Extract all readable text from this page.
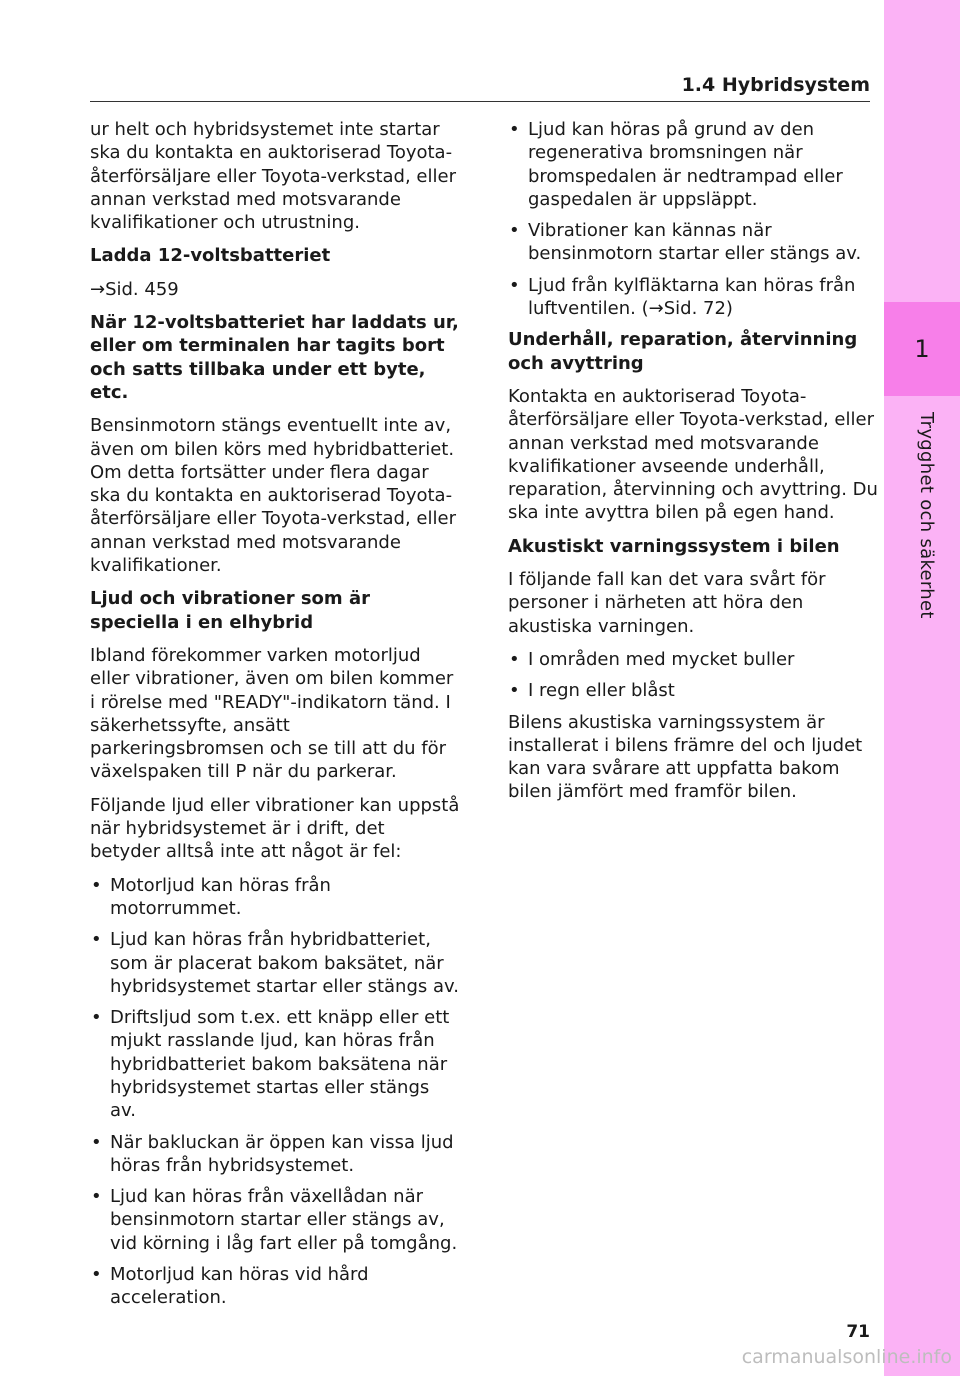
1
Trygghet och säkerhet
1.4 Hybridsystem

ur helt och hybridsystemet inte startar ska du kontakta en auktoriserad Toyota-återförsäljare eller Toyota-verkstad, eller annan verkstad med motsvarande kvalifikationer och utrustning.

Ladda 12-voltsbatteriet

→Sid. 459

När 12-voltsbatteriet har laddats ur, eller om terminalen har tagits bort och satts tillbaka under ett byte, etc.

Bensinmotorn stängs eventuellt inte av, även om bilen körs med hybridbatteriet. Om detta fortsätter under flera dagar ska du kontakta en auktoriserad Toyota-återförsäljare eller Toyota-verkstad, eller annan verkstad med motsvarande kvalifikationer.

Ljud och vibrationer som är speciella i en elhybrid

Ibland förekommer varken motorljud eller vibrationer, även om bilen kommer i rörelse med "READY"-indikatorn tänd. I säkerhetssyfte, ansätt parkeringsbromsen och se till att du för växelspaken till P när du parkerar.

Följande ljud eller vibrationer kan uppstå när hybridsystemet är i drift, det betyder alltså inte att något är fel:

• Motorljud kan höras från motorrummet.
• Ljud kan höras från hybridbatteriet, som är placerat bakom baksätet, när hybridsystemet startar eller stängs av.
• Driftsljud som t.ex. ett knäpp eller ett mjukt rasslande ljud, kan höras från hybridbatteriet bakom baksätena när hybridsystemet startas eller stängs av.
• När bakluckan är öppen kan vissa ljud höras från hybridsystemet.
• Ljud kan höras från växellådan när bensinmotorn startar eller stängs av, vid körning i låg fart eller på tomgång.
• Motorljud kan höras vid hård acceleration.
• Ljud kan höras på grund av den regenerativa bromsningen när bromspedalen är nedtrampad eller gaspedalen är uppsläppt.
• Vibrationer kan kännas när bensinmotorn startar eller stängs av.
• Ljud från kylfläktarna kan höras från luftventilen. (→Sid. 72)

Underhåll, reparation, återvinning och avyttring

Kontakta en auktoriserad Toyota-återförsäljare eller Toyota-verkstad, eller annan verkstad med motsvarande kvalifikationer avseende underhåll, reparation, återvinning och avyttring. Du ska inte avyttra bilen på egen hand.

Akustiskt varningssystem i bilen

I följande fall kan det vara svårt för personer i närheten att höra den akustiska varningen.

• I områden med mycket buller
• I regn eller blåst

Bilens akustiska varningssystem är installerat i bilens främre del och ljudet kan vara svårare att uppfatta bakom bilen jämfört med framför bilen.

71
carmanualsonline.info
